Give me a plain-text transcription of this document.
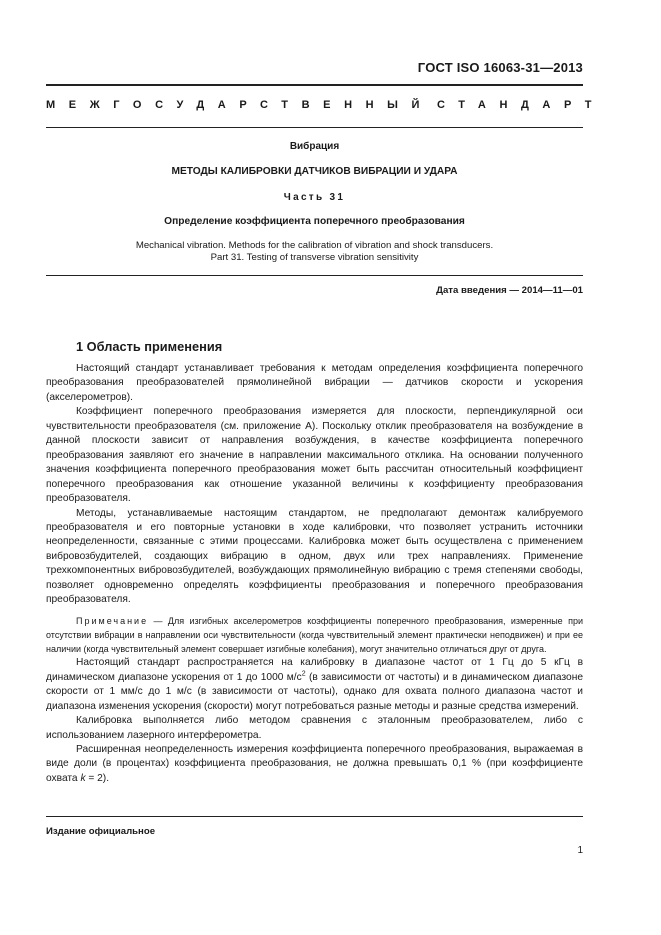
ГОСТ ISO 16063-31—2013
МЕЖГОСУДАРСТВЕННЫЙ СТАНДАРТ
Вибрация
МЕТОДЫ КАЛИБРОВКИ ДАТЧИКОВ ВИБРАЦИИ И УДАРА
Часть 31
Определение коэффициента поперечного преобразования
Mechanical vibration. Methods for the calibration of vibration and shock transducers.
Part 31. Testing of transverse vibration sensitivity
Дата введения — 2014—11—01
1 Область применения

Настоящий стандарт устанавливает требования к методам определения коэффициента поперечного преобразования преобразователей прямолинейной вибрации — датчиков скорости и ускорения (акселерометров).

Коэффициент поперечного преобразования измеряется для плоскости, перпендикулярной оси чувствительности преобразователя (см. приложение А). Поскольку отклик преобразователя на возбуждение в данной плоскости зависит от направления возбуждения, в качестве коэффициента поперечного преобразования заявляют его значение в направлении максимального отклика. На основании полученного значения коэффициента поперечного преобразования может быть рассчитан относительный коэффициент поперечного преобразования как отношение указанной величины к коэффициенту преобразования преобразователя.

Методы, устанавливаемые настоящим стандартом, не предполагают демонтаж калибруемого преобразователя и его повторные установки в ходе калибровки, что позволяет устранить источники неопределенности, связанные с этими процессами. Калибровка может быть осуществлена с применением вибровозбудителей, создающих вибрацию в одном, двух или трех направлениях. Применение трехкомпонентных вибровозбудителей, возбуждающих прямолинейную вибрацию с тремя степенями свободы, позволяет одновременно определять коэффициенты преобразования и поперечного преобразования преобразователя.

Примечание — Для изгибных акселерометров коэффициенты поперечного преобразования, измеренные при отсутствии вибрации в направлении оси чувствительности (когда чувствительный элемент практически неподвижен) и при ее наличии (когда чувствительный элемент совершает изгибные колебания), могут значительно отличаться друг от друга.

Настоящий стандарт распространяется на калибровку в диапазоне частот от 1 Гц до 5 кГц в динамическом диапазоне ускорения от 1 до 1000 $м/с^2$ (в зависимости от частоты) и в динамическом диапазоне скорости от 1 мм/с до 1 м/с (в зависимости от частоты), однако для охвата полного диапазона частот и диапазона изменения ускорения (скорости) могут потребоваться разные методы и разные средства измерений.

Калибровка выполняется либо методом сравнения с эталонным преобразователем, либо с использованием лазерного интерферометра.

Расширенная неопределенность измерения коэффициента поперечного преобразования, выражаемая в виде доли (в процентах) коэффициента преобразования, не должна превышать 0,1 % (при коэффициенте охвата k = 2).

Издание официальное
1
